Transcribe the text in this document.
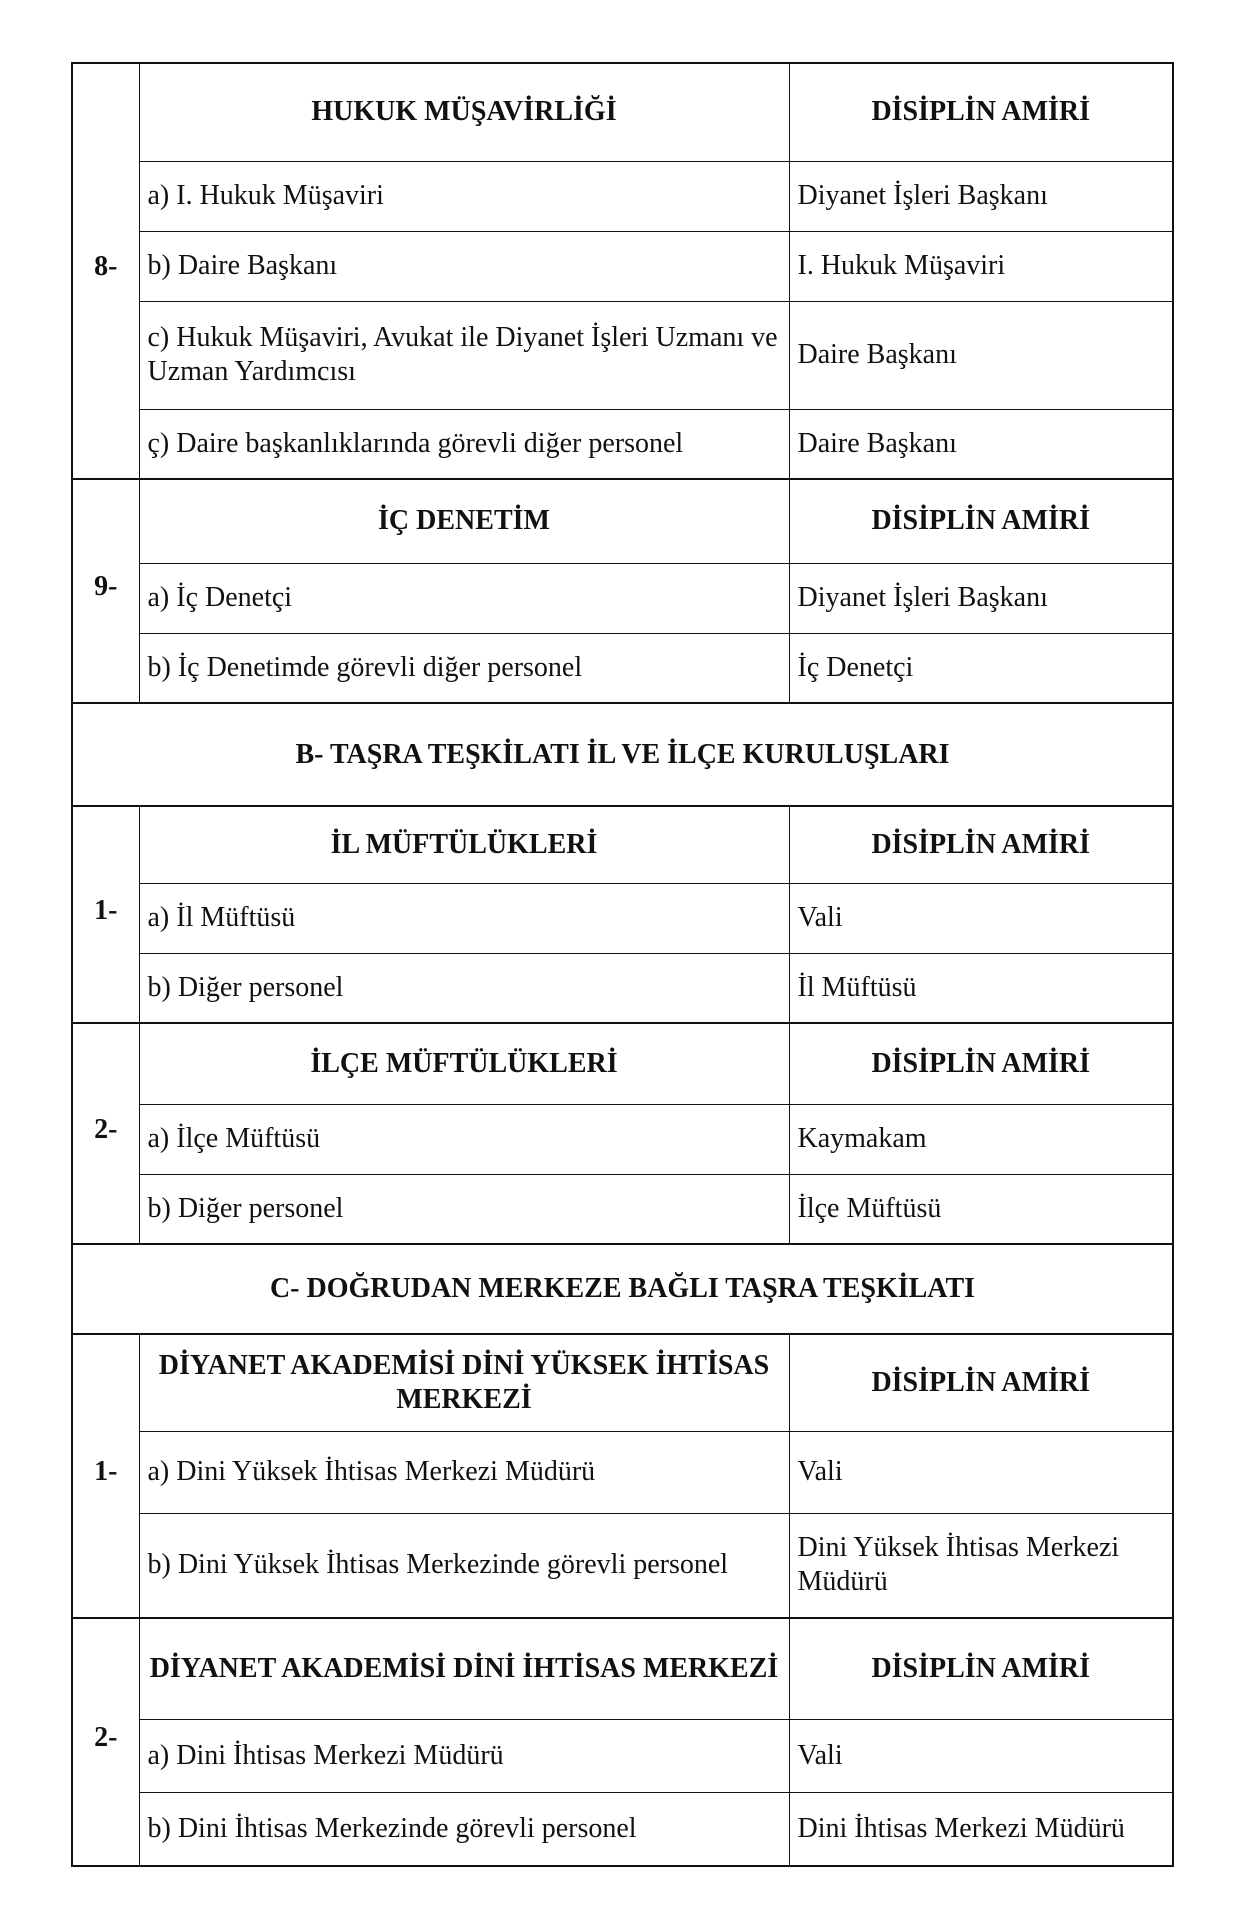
8-	HUKUK MÜŞAVİRLİĞİ	DİSİPLİN AMİRİ
	a) I. Hukuk Müşaviri	Diyanet İşleri Başkanı
	b) Daire Başkanı	I. Hukuk Müşaviri
	c) Hukuk Müşaviri, Avukat ile Diyanet İşleri Uzmanı ve Uzman Yardımcısı	Daire Başkanı
	ç) Daire başkanlıklarında görevli diğer personel	Daire Başkanı
9-	İÇ DENETİM	DİSİPLİN AMİRİ
	a) İç Denetçi	Diyanet İşleri Başkanı
	b) İç Denetimde görevli diğer personel	İç Denetçi
B- TAŞRA TEŞKİLATI İL VE İLÇE KURULUŞLARI		
1-	İL MÜFTÜLÜKLERİ	DİSİPLİN AMİRİ
	a) İl Müftüsü	Vali
	b) Diğer personel	İl Müftüsü
2-	İLÇE MÜFTÜLÜKLERİ	DİSİPLİN AMİRİ
	a) İlçe Müftüsü	Kaymakam
	b) Diğer personel	İlçe Müftüsü
C- DOĞRUDAN MERKEZE BAĞLI TAŞRA TEŞKİLATI		
1-	DİYANET AKADEMİSİ DİNİ YÜKSEK İHTİSAS MERKEZİ	DİSİPLİN AMİRİ
	a) Dini Yüksek İhtisas Merkezi Müdürü	Vali
	b) Dini Yüksek İhtisas Merkezinde görevli personel	Dini Yüksek İhtisas Merkezi Müdürü
2-	DİYANET AKADEMİSİ DİNİ İHTİSAS MERKEZİ	DİSİPLİN AMİRİ
	a) Dini İhtisas Merkezi Müdürü	Vali
	b) Dini İhtisas Merkezinde görevli personel	Dini İhtisas Merkezi Müdürü
